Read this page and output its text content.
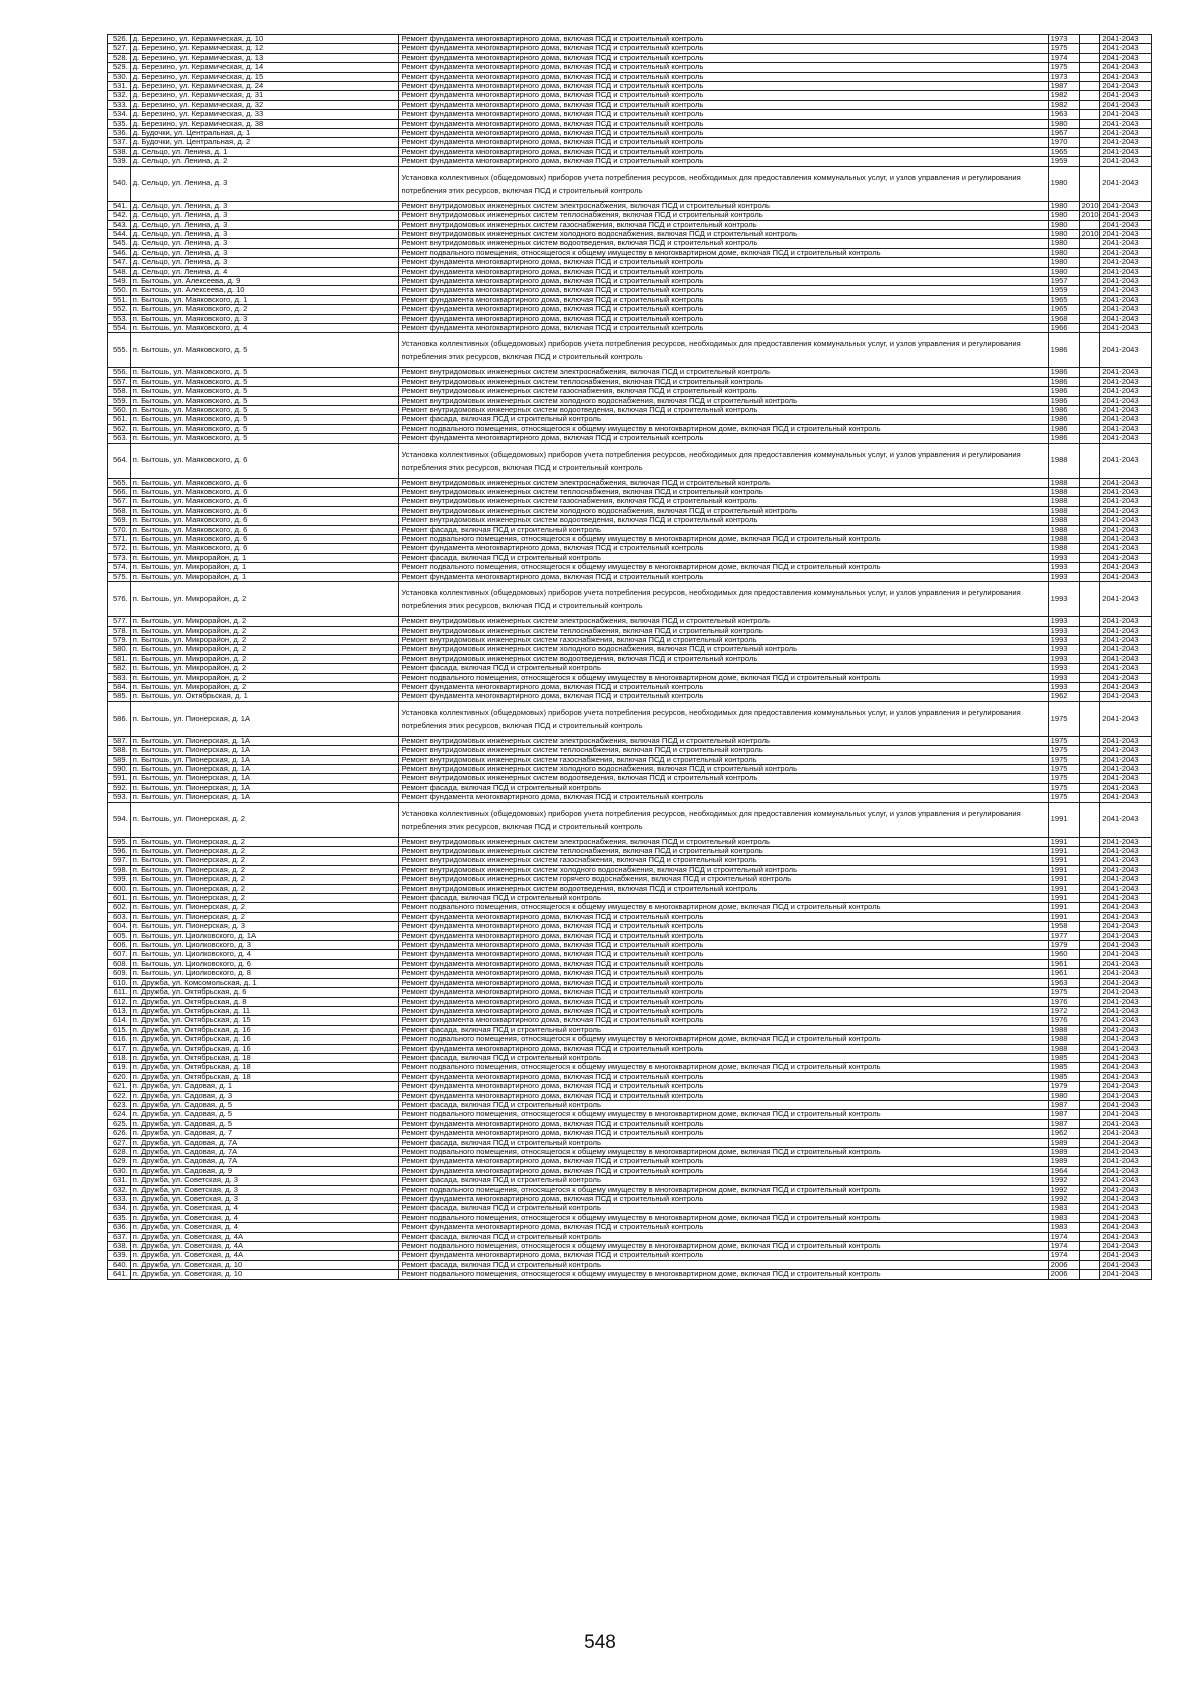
526.	д. Березино, ул. Керамическая, д. 10	Ремонт фундамента многоквартирного дома, включая ПСД и строительный контроль	1973		2041-2043
527.	д. Березино, ул. Керамическая, д. 12	Ремонт фундамента многоквартирного дома, включая ПСД и строительный контроль	1975		2041-2043
528.	д. Березино, ул. Керамическая, д. 13	Ремонт фундамента многоквартирного дома, включая ПСД и строительный контроль	1974		2041-2043
529.	д. Березино, ул. Керамическая, д. 14	Ремонт фундамента многоквартирного дома, включая ПСД и строительный контроль	1975		2041-2043
530.	д. Березино, ул. Керамическая, д. 15	Ремонт фундамента многоквартирного дома, включая ПСД и строительный контроль	1973		2041-2043
531.	д. Березино, ул. Керамическая, д. 24	Ремонт фундамента многоквартирного дома, включая ПСД и строительный контроль	1987		2041-2043
532.	д. Березино, ул. Керамическая, д. 31	Ремонт фундамента многоквартирного дома, включая ПСД и строительный контроль	1982		2041-2043
533.	д. Березино, ул. Керамическая, д. 32	Ремонт фундамента многоквартирного дома, включая ПСД и строительный контроль	1982		2041-2043
534.	д. Березино, ул. Керамическая, д. 33	Ремонт фундамента многоквартирного дома, включая ПСД и строительный контроль	1963		2041-2043
535.	д. Березино, ул. Керамическая, д. 38	Ремонт фундамента многоквартирного дома, включая ПСД и строительный контроль	1980		2041-2043
536.	д. Будочки, ул. Центральная, д. 1	Ремонт фундамента многоквартирного дома, включая ПСД и строительный контроль	1967		2041-2043
537.	д. Будочки, ул. Центральная, д. 2	Ремонт фундамента многоквартирного дома, включая ПСД и строительный контроль	1970		2041-2043
538.	д. Сельцо, ул. Ленина, д. 1	Ремонт фундамента многоквартирного дома, включая ПСД и строительный контроль	1965		2041-2043
539.	д. Сельцо, ул. Ленина, д. 2	Ремонт фундамента многоквартирного дома, включая ПСД и строительный контроль	1959		2041-2043
540.	д. Сельцо, ул. Ленина, д. 3	Установка коллективных (общедомовых) приборов учета потребления ресурсов, необходимых для предоставления коммунальных услуг, и узлов управления и регулирования потребления этих ресурсов, включая ПСД и строительный контроль	1980		2041-2043
541.	д. Сельцо, ул. Ленина, д. 3	Ремонт внутридомовых инженерных систем электроснабжения, включая ПСД и строительный контроль	1980	2010	2041-2043
542.	д. Сельцо, ул. Ленина, д. 3	Ремонт внутридомовых инженерных систем теплоснабжения, включая ПСД и строительный контроль	1980	2010	2041-2043
543.	д. Сельцо, ул. Ленина, д. 3	Ремонт внутридомовых инженерных систем газоснабжения, включая ПСД и строительный контроль	1980		2041-2043
544.	д. Сельцо, ул. Ленина, д. 3	Ремонт внутридомовых инженерных систем холодного водоснабжения, включая ПСД и строительный контроль	1980	2010	2041-2043
545.	д. Сельцо, ул. Ленина, д. 3	Ремонт внутридомовых инженерных систем водоотведения, включая ПСД и строительный контроль	1980		2041-2043
546.	д. Сельцо, ул. Ленина, д. 3	Ремонт подвального помещения, относящегося к общему имуществу в многоквартирном доме, включая ПСД и строительный контроль	1980		2041-2043
547.	д. Сельцо, ул. Ленина, д. 3	Ремонт фундамента многоквартирного дома, включая ПСД и строительный контроль	1980		2041-2043
548.	д. Сельцо, ул. Ленина, д. 4	Ремонт фундамента многоквартирного дома, включая ПСД и строительный контроль	1980		2041-2043
549.	п. Бытошь, ул. Алексеева, д. 9	Ремонт фундамента многоквартирного дома, включая ПСД и строительный контроль	1957		2041-2043
550.	п. Бытошь, ул. Алексеева, д. 10	Ремонт фундамента многоквартирного дома, включая ПСД и строительный контроль	1959		2041-2043
551.	п. Бытошь, ул. Маяковского, д. 1	Ремонт фундамента многоквартирного дома, включая ПСД и строительный контроль	1965		2041-2043
552.	п. Бытошь, ул. Маяковского, д. 2	Ремонт фундамента многоквартирного дома, включая ПСД и строительный контроль	1965		2041-2043
553.	п. Бытошь, ул. Маяковского, д. 3	Ремонт фундамента многоквартирного дома, включая ПСД и строительный контроль	1968		2041-2043
554.	п. Бытошь, ул. Маяковского, д. 4	Ремонт фундамента многоквартирного дома, включая ПСД и строительный контроль	1966		2041-2043
555.	п. Бытошь, ул. Маяковского, д. 5	Установка коллективных (общедомовых) приборов учета потребления ресурсов, необходимых для предоставления коммунальных услуг, и узлов управления и регулирования потребления этих ресурсов, включая ПСД и строительный контроль	1986		2041-2043
556.	п. Бытошь, ул. Маяковского, д. 5	Ремонт внутридомовых инженерных систем электроснабжения, включая ПСД и строительный контроль	1986		2041-2043
557.	п. Бытошь, ул. Маяковского, д. 5	Ремонт внутридомовых инженерных систем теплоснабжения, включая ПСД и строительный контроль	1986		2041-2043
558.	п. Бытошь, ул. Маяковского, д. 5	Ремонт внутридомовых инженерных систем газоснабжения, включая ПСД и строительный контроль	1986		2041-2043
559.	п. Бытошь, ул. Маяковского, д. 5	Ремонт внутридомовых инженерных систем холодного водоснабжения, включая ПСД и строительный контроль	1986		2041-2043
560.	п. Бытошь, ул. Маяковского, д. 5	Ремонт внутридомовых инженерных систем водоотведения, включая ПСД и строительный контроль	1986		2041-2043
561.	п. Бытошь, ул. Маяковского, д. 5	Ремонт фасада, включая ПСД и строительный контроль	1986		2041-2043
562.	п. Бытошь, ул. Маяковского, д. 5	Ремонт подвального помещения, относящегося к общему имуществу в многоквартирном доме, включая ПСД и строительный контроль	1986		2041-2043
563.	п. Бытошь, ул. Маяковского, д. 5	Ремонт фундамента многоквартирного дома, включая ПСД и строительный контроль	1986		2041-2043
564.	п. Бытошь, ул. Маяковского, д. 6	Установка коллективных (общедомовых) приборов учета потребления ресурсов, необходимых для предоставления коммунальных услуг, и узлов управления и регулирования потребления этих ресурсов, включая ПСД и строительный контроль	1988		2041-2043
565.	п. Бытошь, ул. Маяковского, д. 6	Ремонт внутридомовых инженерных систем электроснабжения, включая ПСД и строительный контроль	1988		2041-2043
566.	п. Бытошь, ул. Маяковского, д. 6	Ремонт внутридомовых инженерных систем теплоснабжения, включая ПСД и строительный контроль	1988		2041-2043
567.	п. Бытошь, ул. Маяковского, д. 6	Ремонт внутридомовых инженерных систем газоснабжения, включая ПСД и строительный контроль	1988		2041-2043
568.	п. Бытошь, ул. Маяковского, д. 6	Ремонт внутридомовых инженерных систем холодного водоснабжения, включая ПСД и строительный контроль	1988		2041-2043
569.	п. Бытошь, ул. Маяковского, д. 6	Ремонт внутридомовых инженерных систем водоотведения, включая ПСД и строительный контроль	1988		2041-2043
570.	п. Бытошь, ул. Маяковского, д. 6	Ремонт фасада, включая ПСД и строительный контроль	1988		2041-2043
571.	п. Бытошь, ул. Маяковского, д. 6	Ремонт подвального помещения, относящегося к общему имуществу в многоквартирном доме, включая ПСД и строительный контроль	1988		2041-2043
572.	п. Бытошь, ул. Маяковского, д. 6	Ремонт фундамента многоквартирного дома, включая ПСД и строительный контроль	1988		2041-2043
573.	п. Бытошь, ул. Микрорайон, д. 1	Ремонт фасада, включая ПСД и строительный контроль	1993		2041-2043
574.	п. Бытошь, ул. Микрорайон, д. 1	Ремонт подвального помещения, относящегося к общему имуществу в многоквартирном доме, включая ПСД и строительный контроль	1993		2041-2043
575.	п. Бытошь, ул. Микрорайон, д. 1	Ремонт фундамента многоквартирного дома, включая ПСД и строительный контроль	1993		2041-2043
576.	п. Бытошь, ул. Микрорайон, д. 2	Установка коллективных (общедомовых) приборов учета потребления ресурсов, необходимых для предоставления коммунальных услуг, и узлов управления и регулирования потребления этих ресурсов, включая ПСД и строительный контроль	1993		2041-2043
577.	п. Бытошь, ул. Микрорайон, д. 2	Ремонт внутридомовых инженерных систем электроснабжения, включая ПСД и строительный контроль	1993		2041-2043
578.	п. Бытошь, ул. Микрорайон, д. 2	Ремонт внутридомовых инженерных систем теплоснабжения, включая ПСД и строительный контроль	1993		2041-2043
579.	п. Бытошь, ул. Микрорайон, д. 2	Ремонт внутридомовых инженерных систем газоснабжения, включая ПСД и строительный контроль	1993		2041-2043
580.	п. Бытошь, ул. Микрорайон, д. 2	Ремонт внутридомовых инженерных систем холодного водоснабжения, включая ПСД и строительный контроль	1993		2041-2043
581.	п. Бытошь, ул. Микрорайон, д. 2	Ремонт внутридомовых инженерных систем водоотведения, включая ПСД и строительный контроль	1993		2041-2043
582.	п. Бытошь, ул. Микрорайон, д. 2	Ремонт фасада, включая ПСД и строительный контроль	1993		2041-2043
583.	п. Бытошь, ул. Микрорайон, д. 2	Ремонт подвального помещения, относящегося к общему имуществу в многоквартирном доме, включая ПСД и строительный контроль	1993		2041-2043
584.	п. Бытошь, ул. Микрорайон, д. 2	Ремонт фундамента многоквартирного дома, включая ПСД и строительный контроль	1993		2041-2043
585.	п. Бытошь, ул. Октябрьская, д. 1	Ремонт фундамента многоквартирного дома, включая ПСД и строительный контроль	1962		2041-2043
586.	п. Бытошь, ул. Пионерская, д. 1А	Установка коллективных (общедомовых) приборов учета потребления ресурсов, необходимых для предоставления коммунальных услуг, и узлов управления и регулирования потребления этих ресурсов, включая ПСД и строительный контроль	1975		2041-2043
587.	п. Бытошь, ул. Пионерская, д. 1А	Ремонт внутридомовых инженерных систем электроснабжения, включая ПСД и строительный контроль	1975		2041-2043
588.	п. Бытошь, ул. Пионерская, д. 1А	Ремонт внутридомовых инженерных систем теплоснабжения, включая ПСД и строительный контроль	1975		2041-2043
589.	п. Бытошь, ул. Пионерская, д. 1А	Ремонт внутридомовых инженерных систем газоснабжения, включая ПСД и строительный контроль	1975		2041-2043
590.	п. Бытошь, ул. Пионерская, д. 1А	Ремонт внутридомовых инженерных систем холодного водоснабжения, включая ПСД и строительный контроль	1975		2041-2043
591.	п. Бытошь, ул. Пионерская, д. 1А	Ремонт внутридомовых инженерных систем водоотведения, включая ПСД и строительный контроль	1975		2041-2043
592.	п. Бытошь, ул. Пионерская, д. 1А	Ремонт фасада, включая ПСД и строительный контроль	1975		2041-2043
593.	п. Бытошь, ул. Пионерская, д. 1А	Ремонт фундамента многоквартирного дома, включая ПСД и строительный контроль	1975		2041-2043
594.	п. Бытошь, ул. Пионерская, д. 2	Установка коллективных (общедомовых) приборов учета потребления ресурсов, необходимых для предоставления коммунальных услуг, и узлов управления и регулирования потребления этих ресурсов, включая ПСД и строительный контроль	1991		2041-2043
595.	п. Бытошь, ул. Пионерская, д. 2	Ремонт внутридомовых инженерных систем электроснабжения, включая ПСД и строительный контроль	1991		2041-2043
596.	п. Бытошь, ул. Пионерская, д. 2	Ремонт внутридомовых инженерных систем теплоснабжения, включая ПСД и строительный контроль	1991		2041-2043
597.	п. Бытошь, ул. Пионерская, д. 2	Ремонт внутридомовых инженерных систем газоснабжения, включая ПСД и строительный контроль	1991		2041-2043
598.	п. Бытошь, ул. Пионерская, д. 2	Ремонт внутридомовых инженерных систем холодного водоснабжения, включая ПСД и строительный контроль	1991		2041-2043
599.	п. Бытошь, ул. Пионерская, д. 2	Ремонт внутридомовых инженерных систем горячего водоснабжения, включая ПСД и строительный контроль	1991		2041-2043
600.	п. Бытошь, ул. Пионерская, д. 2	Ремонт внутридомовых инженерных систем водоотведения, включая ПСД и строительный контроль	1991		2041-2043
601.	п. Бытошь, ул. Пионерская, д. 2	Ремонт фасада, включая ПСД и строительный контроль	1991		2041-2043
602.	п. Бытошь, ул. Пионерская, д. 2	Ремонт подвального помещения, относящегося к общему имуществу в многоквартирном доме, включая ПСД и строительный контроль	1991		2041-2043
603.	п. Бытошь, ул. Пионерская, д. 2	Ремонт фундамента многоквартирного дома, включая ПСД и строительный контроль	1991		2041-2043
604.	п. Бытошь, ул. Пионерская, д. 3	Ремонт фундамента многоквартирного дома, включая ПСД и строительный контроль	1958		2041-2043
605.	п. Бытошь, ул. Циолковского, д. 1А	Ремонт фундамента многоквартирного дома, включая ПСД и строительный контроль	1977		2041-2043
606.	п. Бытошь, ул. Циолковского, д. 3	Ремонт фундамента многоквартирного дома, включая ПСД и строительный контроль	1979		2041-2043
607.	п. Бытошь, ул. Циолковского, д. 4	Ремонт фундамента многоквартирного дома, включая ПСД и строительный контроль	1960		2041-2043
608.	п. Бытошь, ул. Циолковского, д. 6	Ремонт фундамента многоквартирного дома, включая ПСД и строительный контроль	1961		2041-2043
609.	п. Бытошь, ул. Циолковского, д. 8	Ремонт фундамента многоквартирного дома, включая ПСД и строительный контроль	1961		2041-2043
610.	п. Дружба, ул. Комсомольская, д. 1	Ремонт фундамента многоквартирного дома, включая ПСД и строительный контроль	1963		2041-2043
611.	п. Дружба, ул. Октябрьская, д. 6	Ремонт фундамента многоквартирного дома, включая ПСД и строительный контроль	1975		2041-2043
612.	п. Дружба, ул. Октябрьская, д. 8	Ремонт фундамента многоквартирного дома, включая ПСД и строительный контроль	1976		2041-2043
613.	п. Дружба, ул. Октябрьская, д. 11	Ремонт фундамента многоквартирного дома, включая ПСД и строительный контроль	1972		2041-2043
614.	п. Дружба, ул. Октябрьская, д. 15	Ремонт фундамента многоквартирного дома, включая ПСД и строительный контроль	1976		2041-2043
615.	п. Дружба, ул. Октябрьская, д. 16	Ремонт фасада, включая ПСД и строительный контроль	1988		2041-2043
616.	п. Дружба, ул. Октябрьская, д. 16	Ремонт подвального помещения, относящегося к общему имуществу в многоквартирном доме, включая ПСД и строительный контроль	1988		2041-2043
617.	п. Дружба, ул. Октябрьская, д. 16	Ремонт фундамента многоквартирного дома, включая ПСД и строительный контроль	1988		2041-2043
618.	п. Дружба, ул. Октябрьская, д. 18	Ремонт фасада, включая ПСД и строительный контроль	1985		2041-2043
619.	п. Дружба, ул. Октябрьская, д. 18	Ремонт подвального помещения, относящегося к общему имуществу в многоквартирном доме, включая ПСД и строительный контроль	1985		2041-2043
620.	п. Дружба, ул. Октябрьская, д. 18	Ремонт фундамента многоквартирного дома, включая ПСД и строительный контроль	1985		2041-2043
621.	п. Дружба, ул. Садовая, д. 1	Ремонт фундамента многоквартирного дома, включая ПСД и строительный контроль	1979		2041-2043
622.	п. Дружба, ул. Садовая, д. 3	Ремонт фундамента многоквартирного дома, включая ПСД и строительный контроль	1980		2041-2043
623.	п. Дружба, ул. Садовая, д. 5	Ремонт фасада, включая ПСД и строительный контроль	1987		2041-2043
624.	п. Дружба, ул. Садовая, д. 5	Ремонт подвального помещения, относящегося к общему имуществу в многоквартирном доме, включая ПСД и строительный контроль	1987		2041-2043
625.	п. Дружба, ул. Садовая, д. 5	Ремонт фундамента многоквартирного дома, включая ПСД и строительный контроль	1987		2041-2043
626.	п. Дружба, ул. Садовая, д. 7	Ремонт фундамента многоквартирного дома, включая ПСД и строительный контроль	1962		2041-2043
627.	п. Дружба, ул. Садовая, д. 7А	Ремонт фасада, включая ПСД и строительный контроль	1989		2041-2043
628.	п. Дружба, ул. Садовая, д. 7А	Ремонт подвального помещения, относящегося к общему имуществу в многоквартирном доме, включая ПСД и строительный контроль	1989		2041-2043
629.	п. Дружба, ул. Садовая, д. 7А	Ремонт фундамента многоквартирного дома, включая ПСД и строительный контроль	1989		2041-2043
630.	п. Дружба, ул. Садовая, д. 9	Ремонт фундамента многоквартирного дома, включая ПСД и строительный контроль	1964		2041-2043
631.	п. Дружба, ул. Советская, д. 3	Ремонт фасада, включая ПСД и строительный контроль	1992		2041-2043
632.	п. Дружба, ул. Советская, д. 3	Ремонт подвального помещения, относящегося к общему имуществу в многоквартирном доме, включая ПСД и строительный контроль	1992		2041-2043
633.	п. Дружба, ул. Советская, д. 3	Ремонт фундамента многоквартирного дома, включая ПСД и строительный контроль	1992		2041-2043
634.	п. Дружба, ул. Советская, д. 4	Ремонт фасада, включая ПСД и строительный контроль	1983		2041-2043
635.	п. Дружба, ул. Советская, д. 4	Ремонт подвального помещения, относящегося к общему имуществу в многоквартирном доме, включая ПСД и строительный контроль	1983		2041-2043
636.	п. Дружба, ул. Советская, д. 4	Ремонт фундамента многоквартирного дома, включая ПСД и строительный контроль	1983		2041-2043
637.	п. Дружба, ул. Советская, д. 4А	Ремонт фасада, включая ПСД и строительный контроль	1974		2041-2043
638.	п. Дружба, ул. Советская, д. 4А	Ремонт подвального помещения, относящегося к общему имуществу в многоквартирном доме, включая ПСД и строительный контроль	1974		2041-2043
639.	п. Дружба, ул. Советская, д. 4А	Ремонт фундамента многоквартирного дома, включая ПСД и строительный контроль	1974		2041-2043
640.	п. Дружба, ул. Советская, д. 10	Ремонт фасада, включая ПСД и строительный контроль	2006		2041-2043
641.	п. Дружба, ул. Советская, д. 10	Ремонт подвального помещения, относящегося к общему имуществу в многоквартирном доме, включая ПСД и строительный контроль	2006		2041-2043
548
